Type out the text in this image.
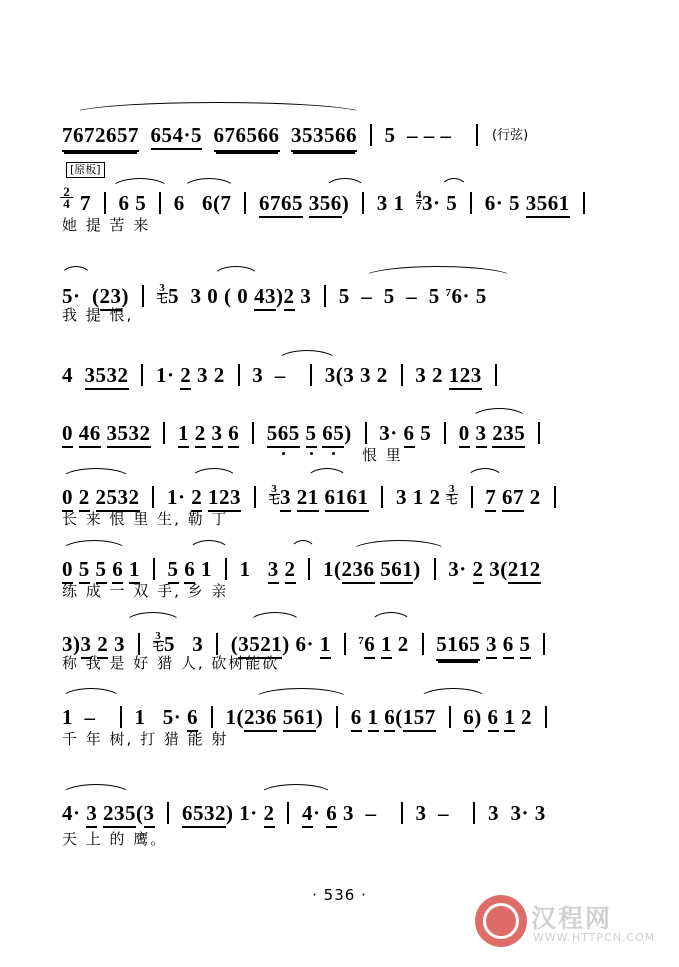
7672657 654·5 676566 353566  5  – – –	(行弦)
[原板]
2
4 7  6 5  6   6(7  6765 356)  3 $1 \frac{4}{7} 3\cdot 5$  6· 5 3561
她 提 苦 来
$5\cdot (23) \frac{3}{\text{乇}} 5$  3 0 ( 0 43)2 3  5  –  5  –  5 $^7$
6· 5
我 提 恨,
4  3532  1· 2 3 2  3  –    3(3 3 2  3 2 123
0 46 3532 1 2 3 6 565 5 65)  3· 6 5  0 3 235
恨 里
0 2 2532  1· 2 123	$\frac{3}{\text{乇}} 3$ 21 6161  3 1 $2 \frac{3}{\text{乇}} 7$ 67 2
长 来 恨 里 生, 勒 丁
0 5 5 6 1 5 6 1  1   3 2  1(236 561)  3· 2 3(212
练 成 一 双 手, 乡 亲
3)3 2 $3 \frac{3}{\text{乇}} 5$   3  (3521) 6· 1	$^7$6 1 2  5165 3 6 5
称 我 是 好 猎 人, 砍树能砍
1  –    1   5· 6  1(236 561)  6 1 6(157 6) 6 1 2
千 年 树, 打 猎 能 射
4· 3 235(3 6532) 1· 2 4· 6 3  –    3  –    3  3· 3
天 上 的 鹰。
· 536 ·
汉程网
WWW.HTTPCN.COM
